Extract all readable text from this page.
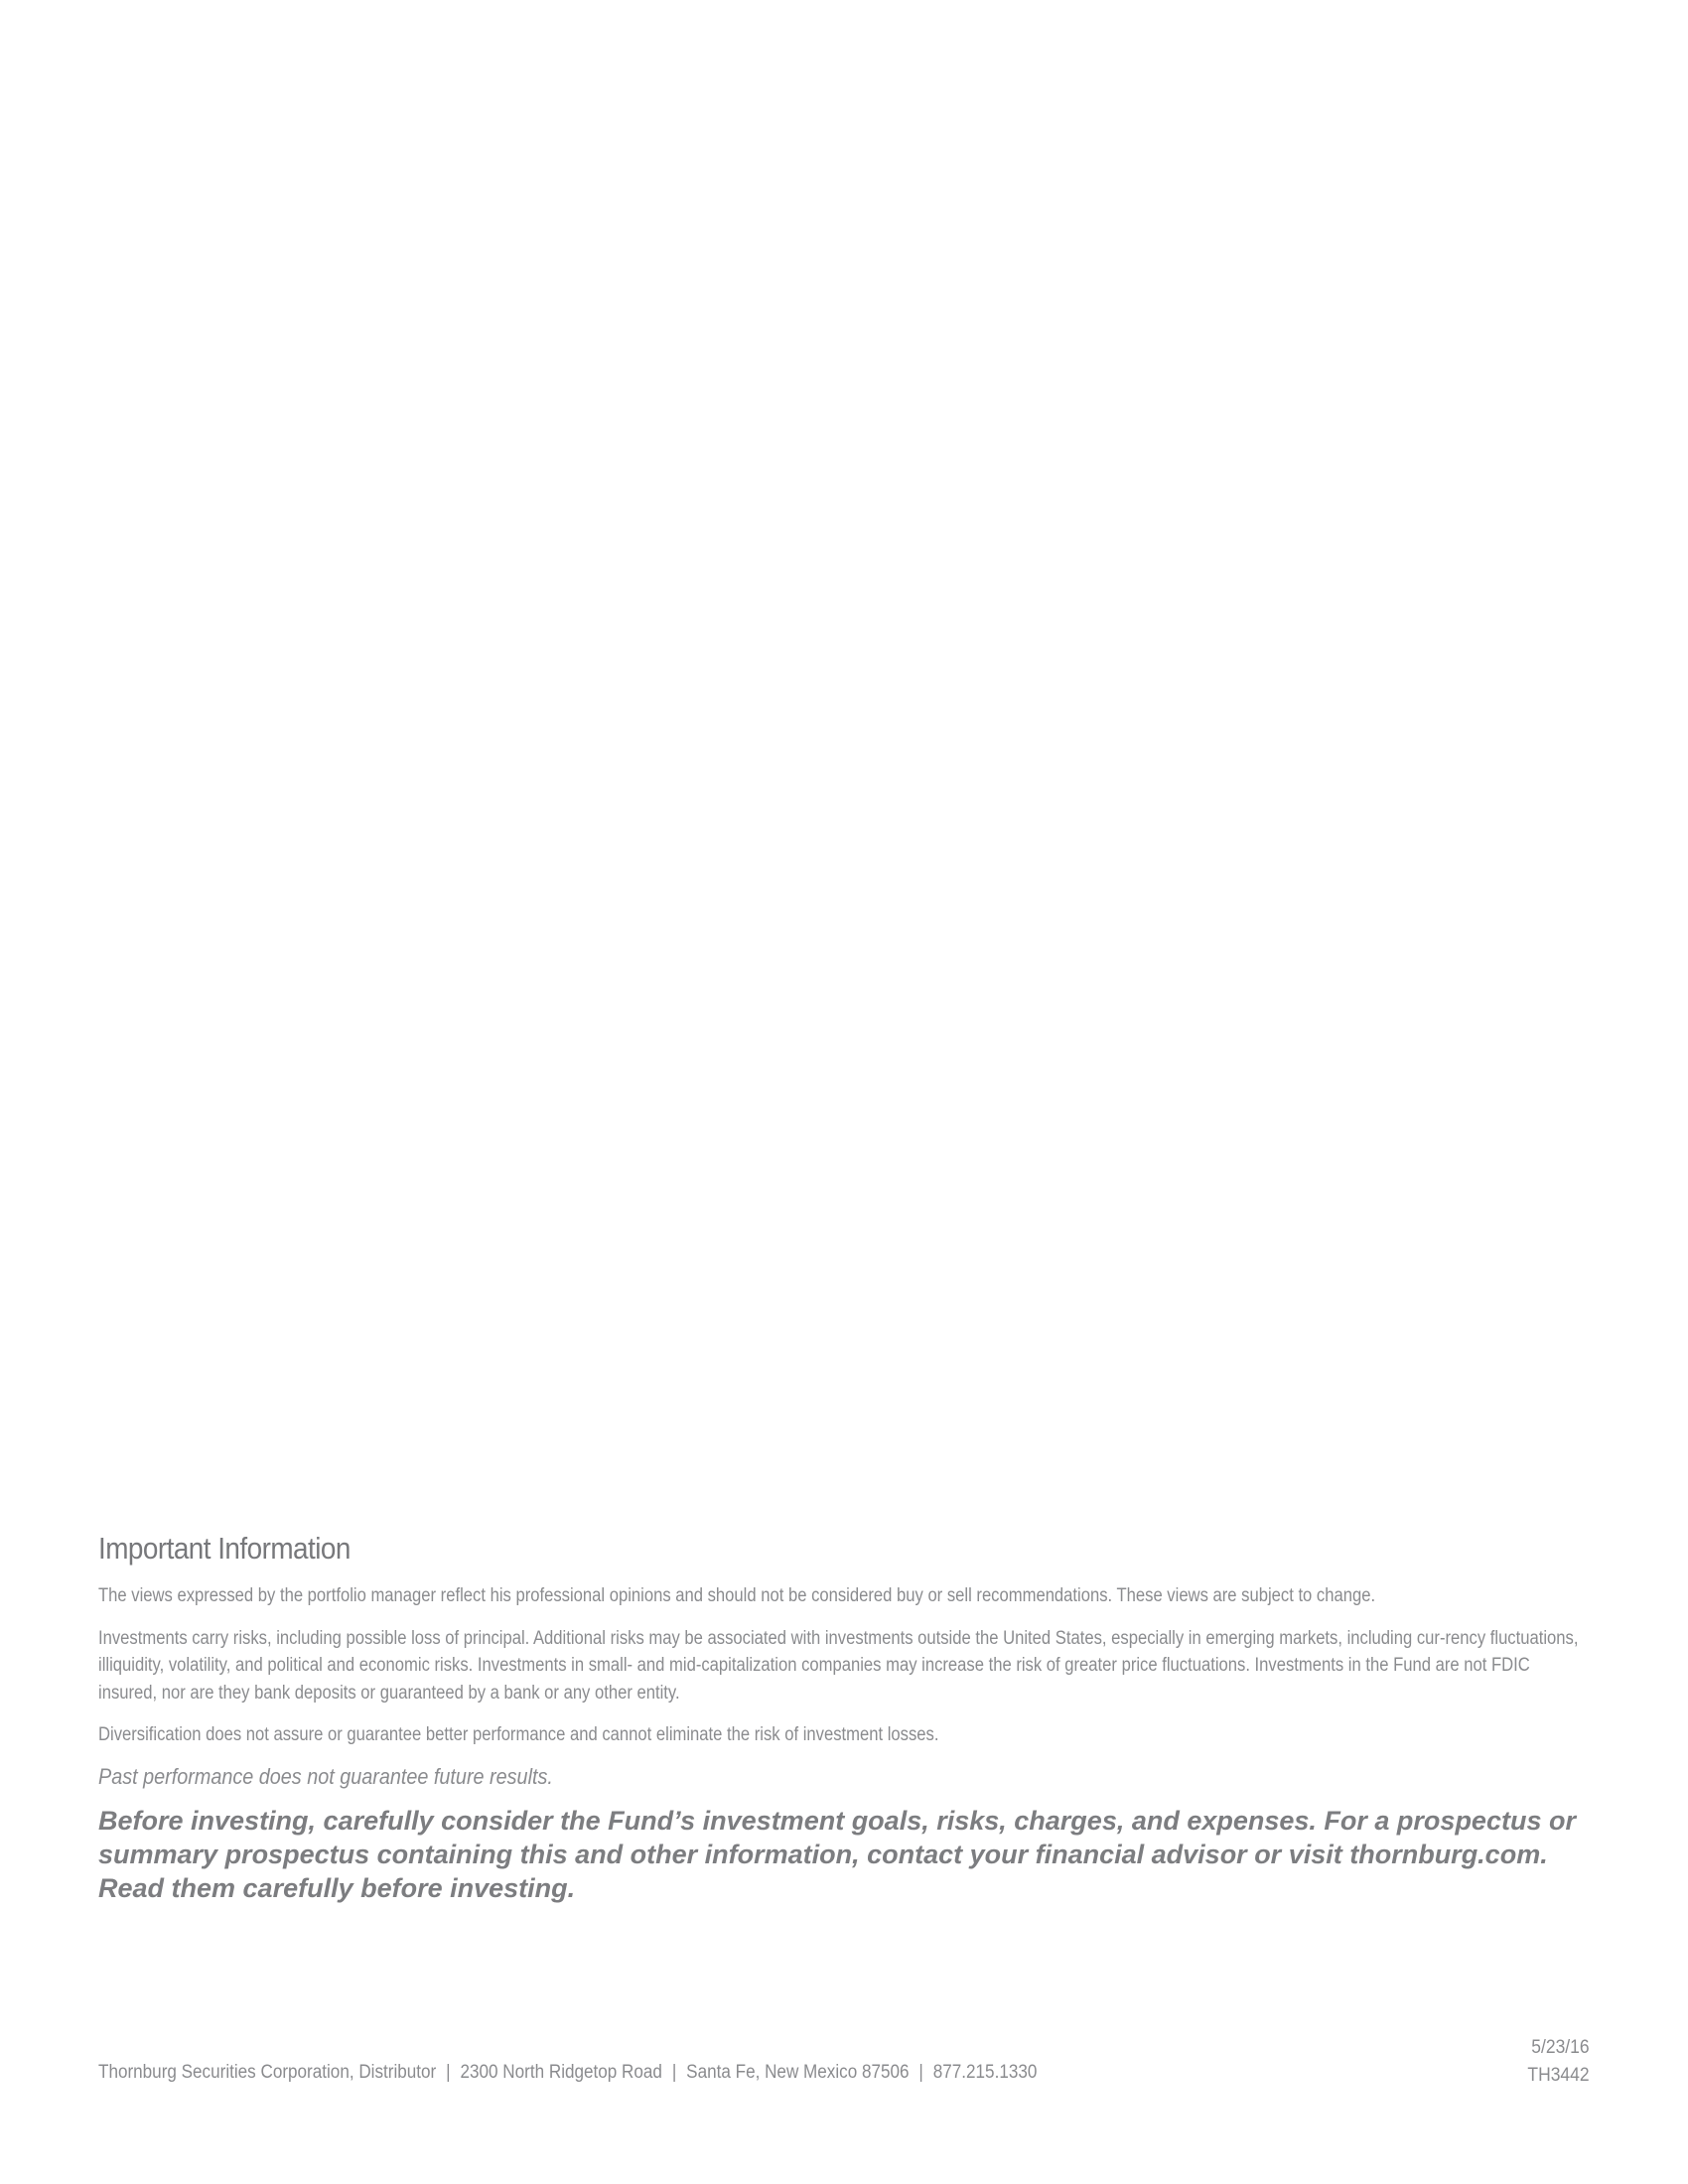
Important Information

The views expressed by the portfolio manager reflect his professional opinions and should not be considered buy or sell recommendations. These views are subject to change.

Investments carry risks, including possible loss of principal. Additional risks may be associated with investments outside the United States, especially in emerging markets, including cur-rency fluctuations, illiquidity, volatility, and political and economic risks. Investments in small- and mid-capitalization companies may increase the risk of greater price fluctuations. Investments in the Fund are not FDIC insured, nor are they bank deposits or guaranteed by a bank or any other entity.

Diversification does not assure or guarantee better performance and cannot eliminate the risk of investment losses.

Past performance does not guarantee future results.

Before investing, carefully consider the Fund’s investment goals, risks, charges, and expenses. For a prospectus or summary prospectus containing this and other information, contact your financial advisor or visit thornburg.com. Read them carefully before investing.

Thornburg Securities Corporation, Distributor | 2300 North Ridgetop Road | Santa Fe, New Mexico 87506 | 877.215.1330
5/23/16
TH3442
